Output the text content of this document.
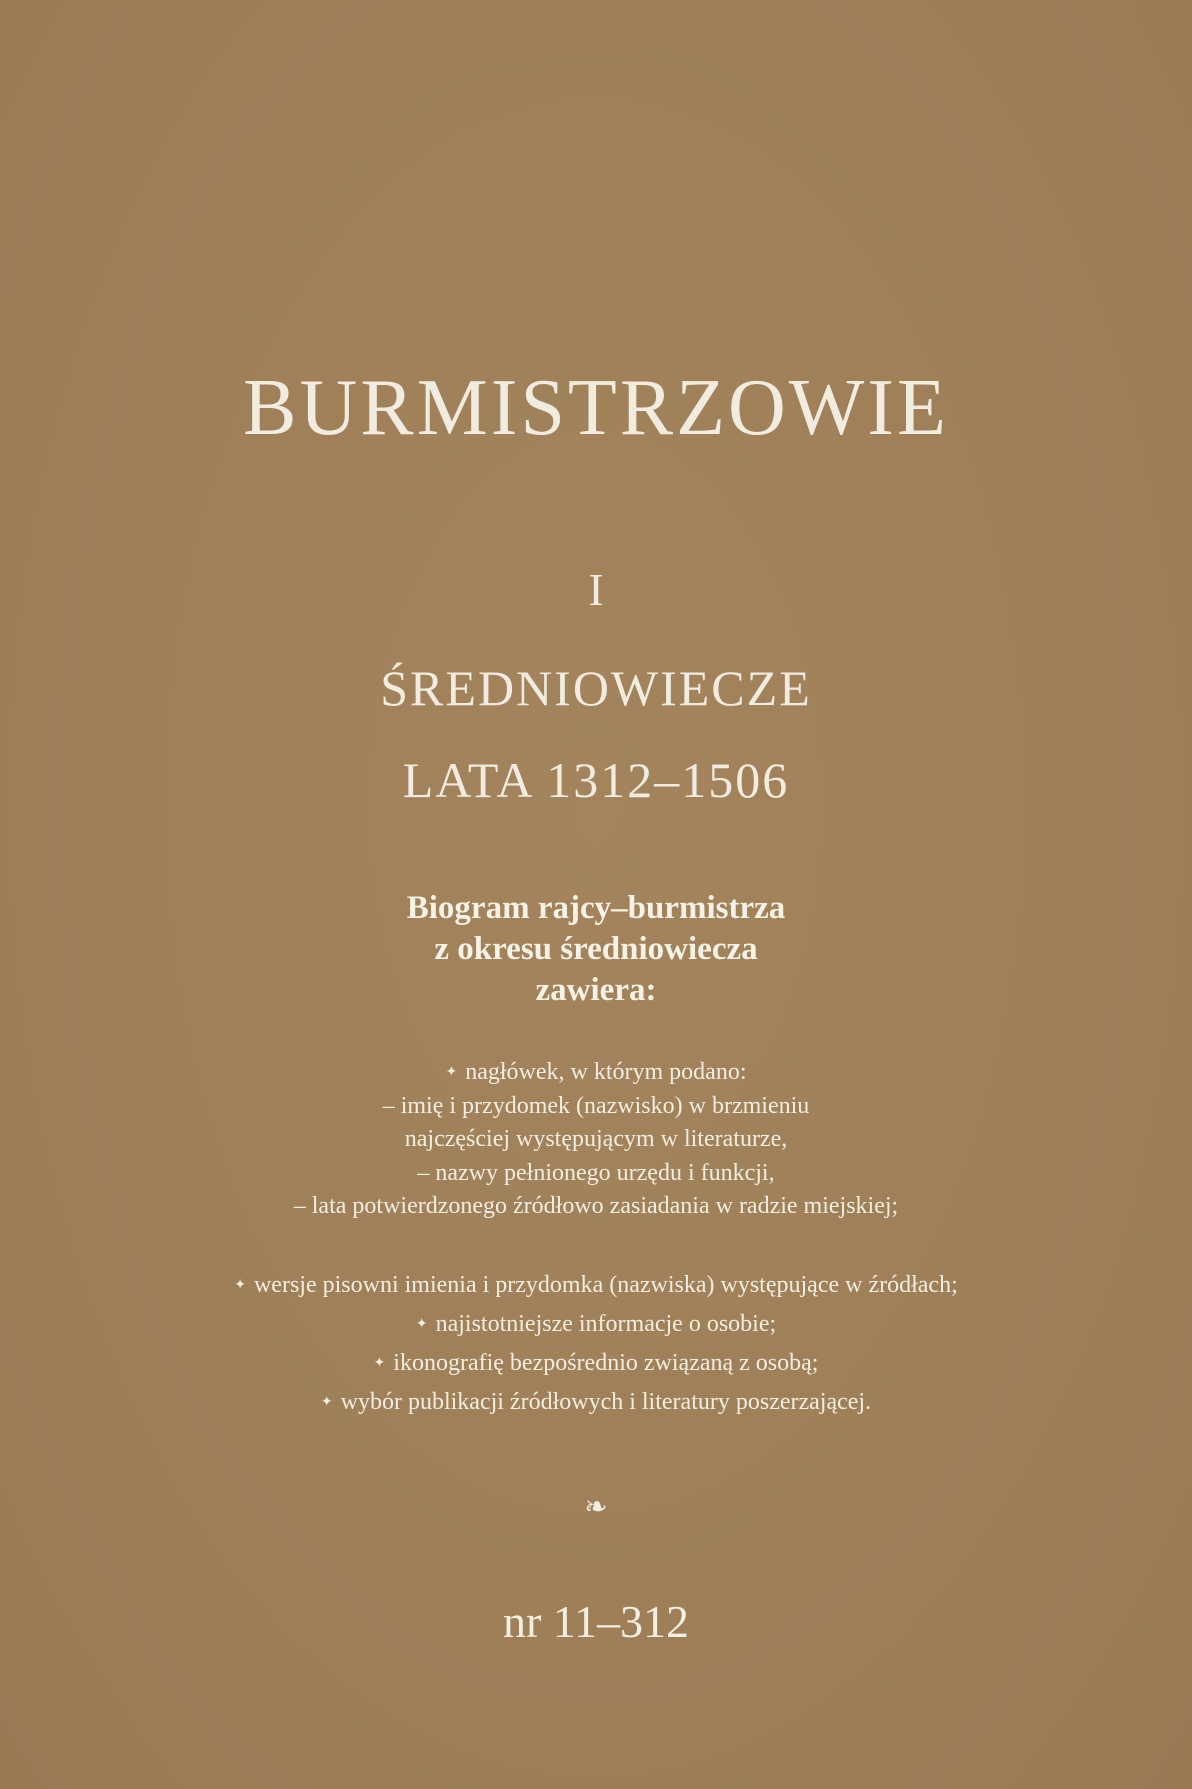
BURMISTRZOWIE
I
ŚREDNIOWIECZE
LATA 1312–1506
Biogram rajcy–burmistrza
z okresu średniowiecza
zawiera:
✦ nagłówek, w którym podano:
– imię i przydomek (nazwisko) w brzmieniu
najczęściej występującym w literaturze,
– nazwy pełnionego urzędu i funkcji,
– lata potwierdzonego źródłowo zasiadania w radzie miejskiej;
✦ wersje pisowni imienia i przydomka (nazwiska) występujące w źródłach;
✦ najistotniejsze informacje o osobie;
✦ ikonografię bezpośrednio związaną z osobą;
✦ wybór publikacji źródłowych i literatury poszerzającej.
❧
nr 11–312
